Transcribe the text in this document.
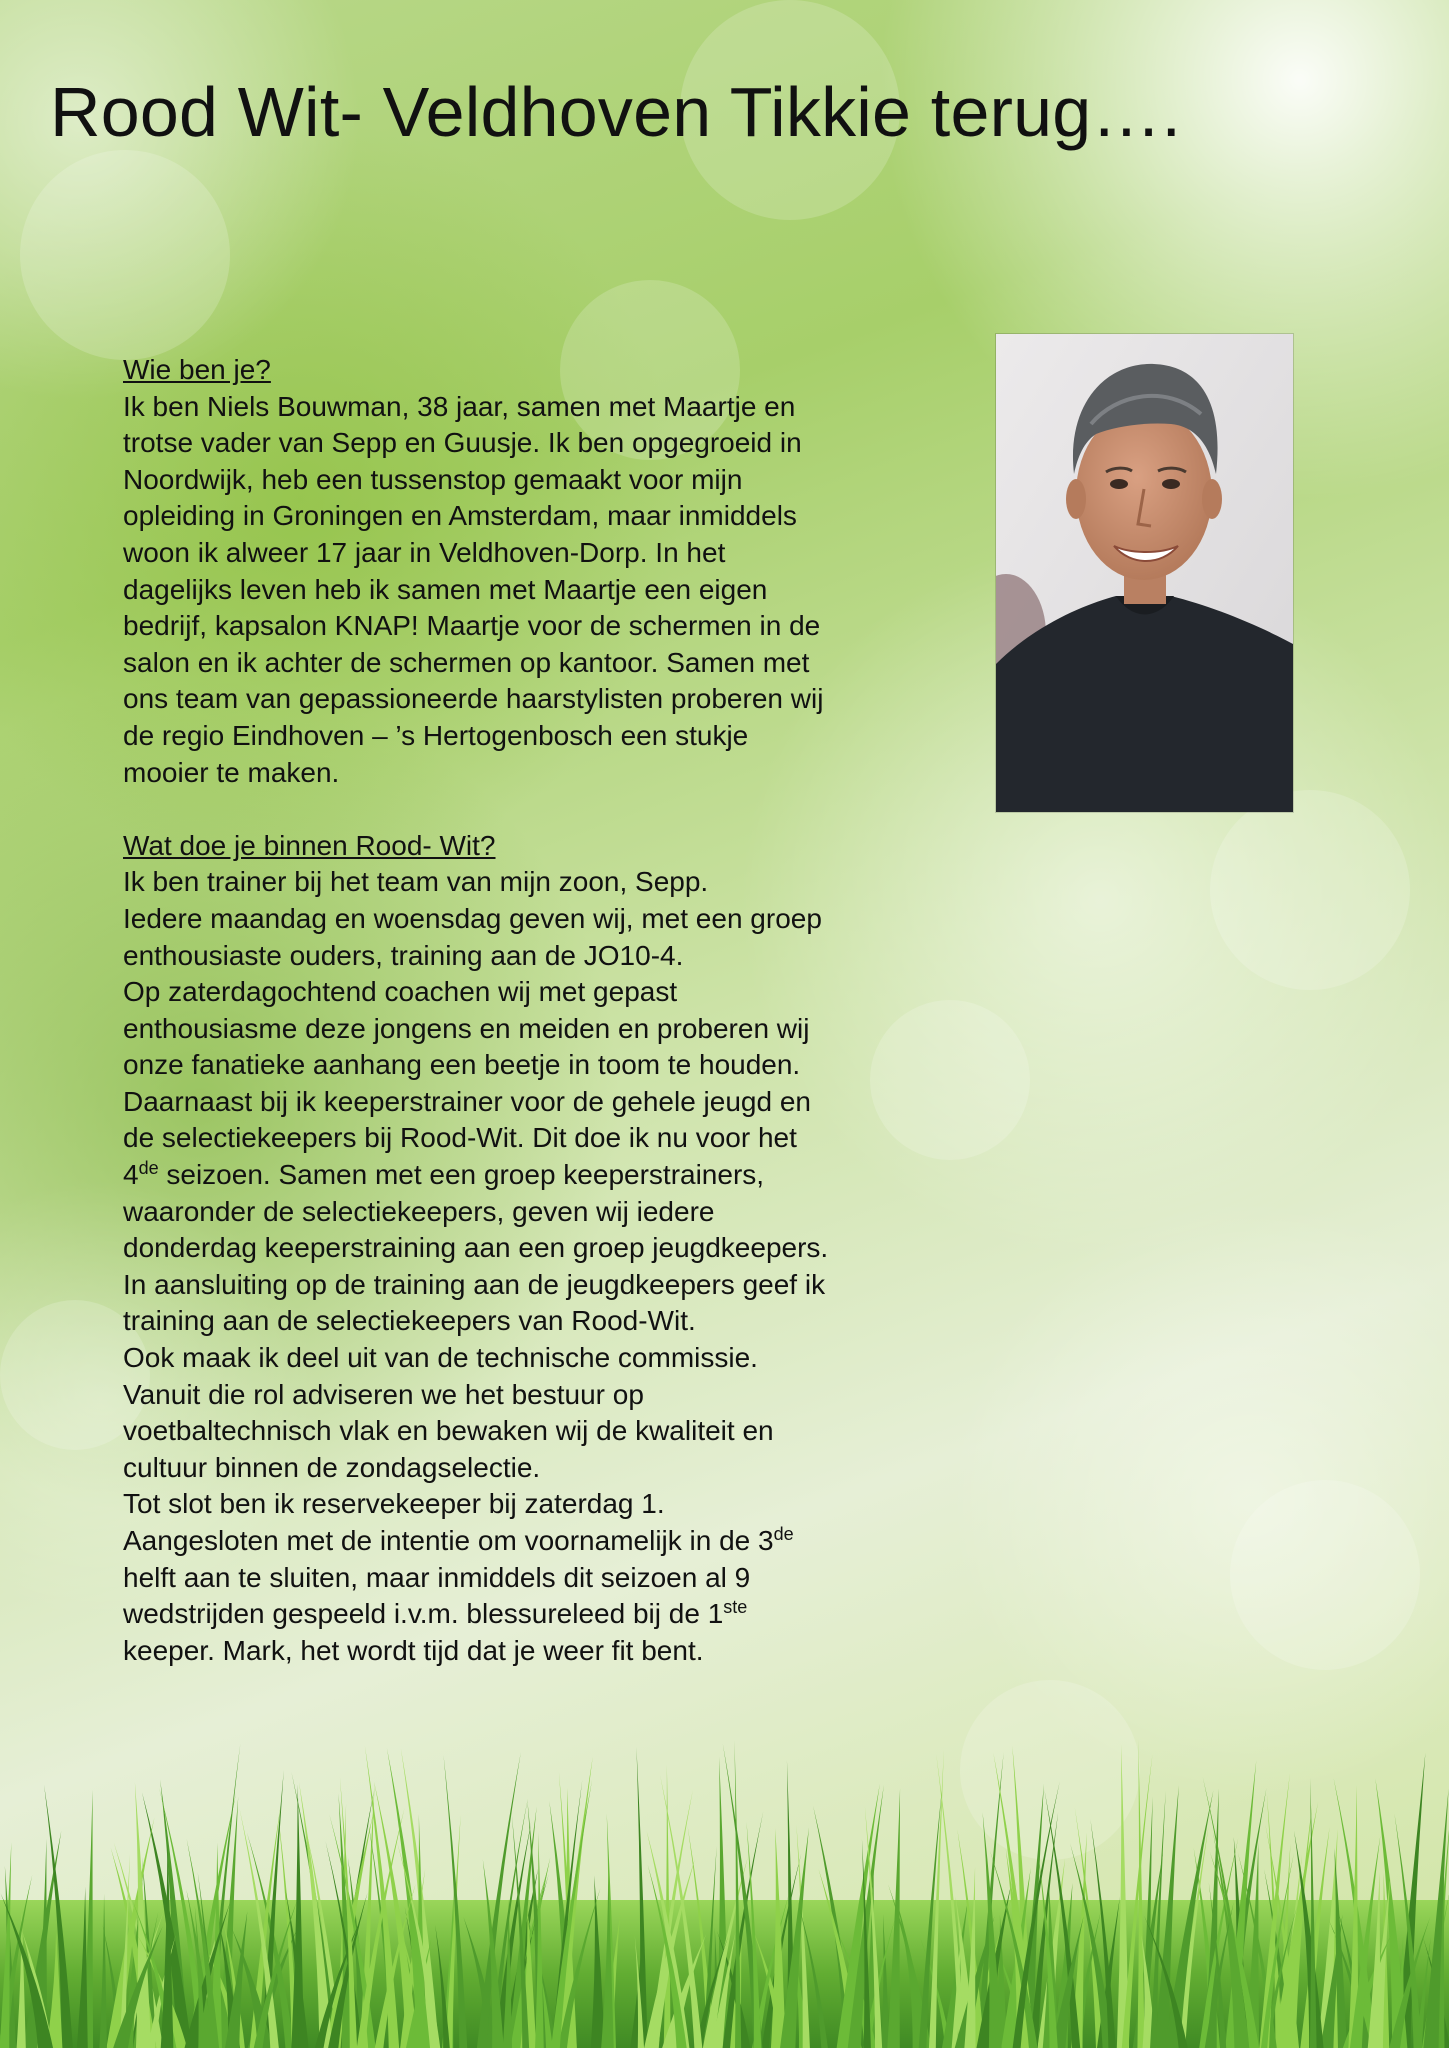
Rood Wit- Veldhoven Tikkie terug….

Wie ben je?

Ik ben Niels Bouwman, 38 jaar, samen met Maartje en

trotse vader van Sepp en Guusje. Ik ben opgegroeid in

Noordwijk, heb een tussenstop gemaakt voor mijn

opleiding in Groningen en Amsterdam, maar inmiddels

woon ik alweer 17 jaar in Veldhoven-Dorp. In het

dagelijks leven heb ik samen met Maartje een eigen

bedrijf, kapsalon KNAP! Maartje voor de schermen in de

salon en ik achter de schermen op kantoor. Samen met

ons team van gepassioneerde haarstylisten proberen wij

de regio Eindhoven – ’s Hertogenbosch een stukje

mooier te maken.

Wat doe je binnen Rood- Wit?

Ik ben trainer bij het team van mijn zoon, Sepp.

Iedere maandag en woensdag geven wij, met een groep

enthousiaste ouders, training aan de JO10-4.

Op zaterdagochtend coachen wij met gepast

enthousiasme deze jongens en meiden en proberen wij

onze fanatieke aanhang een beetje in toom te houden.

Daarnaast bij ik keeperstrainer voor de gehele jeugd en

de selectiekeepers bij Rood-Wit. Dit doe ik nu voor het

4de seizoen. Samen met een groep keeperstrainers,

waaronder de selectiekeepers, geven wij iedere

donderdag keeperstraining aan een groep jeugdkeepers.

In aansluiting op de training aan de jeugdkeepers geef ik

training aan de selectiekeepers van Rood-Wit.

Ook maak ik deel uit van de technische commissie.

Vanuit die rol adviseren we het bestuur op

voetbaltechnisch vlak en bewaken wij de kwaliteit en

cultuur binnen de zondagselectie.

Tot slot ben ik reservekeeper bij zaterdag 1.

Aangesloten met de intentie om voornamelijk in de 3de

helft aan te sluiten, maar inmiddels dit seizoen al 9

wedstrijden gespeeld i.v.m. blessureleed bij de 1ste

keeper. Mark, het wordt tijd dat je weer fit bent.
